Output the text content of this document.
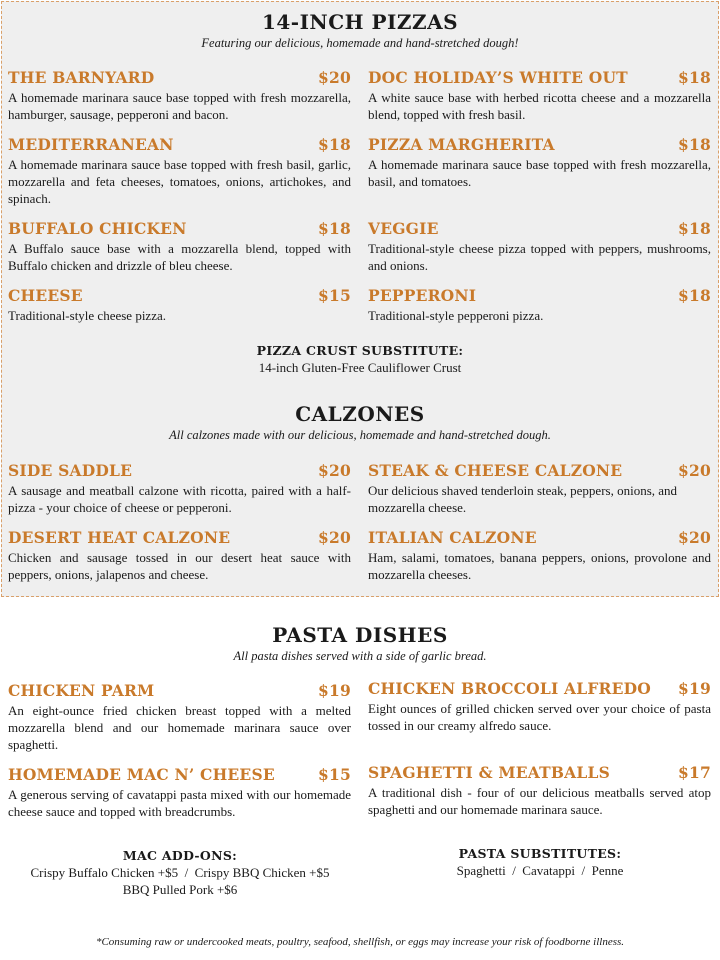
14-INCH PIZZAS
Featuring our delicious, homemade and hand-stretched dough!
THE BARNYARD	$20
A homemade marinara sauce base topped with fresh mozzarella, hamburger, sausage, pepperoni and bacon.
DOC HOLIDAY’S WHITE OUT	$18
A white sauce base with herbed ricotta cheese and a mozzarella blend, topped with fresh basil.
MEDITERRANEAN	$18
A homemade marinara sauce base topped with fresh basil, garlic, mozzarella and feta cheeses, tomatoes, onions, artichokes, and spinach.
PIZZA MARGHERITA	$18
A homemade marinara sauce base topped with fresh mozzarella, basil, and tomatoes.
BUFFALO CHICKEN	$18
A Buffalo sauce base with a mozzarella blend, topped with Buffalo chicken and drizzle of bleu cheese.
VEGGIE	$18
Traditional-style cheese pizza topped with peppers, mushrooms, and onions.
CHEESE	$15
Traditional-style cheese pizza.
PEPPERONI	$18
Traditional-style pepperoni pizza.
PIZZA CRUST SUBSTITUTE:
14-inch Gluten-Free Cauliflower Crust
CALZONES
All calzones made with our delicious, homemade and hand-stretched dough.
SIDE SADDLE	$20
A sausage and meatball calzone with ricotta, paired with a half-pizza - your choice of cheese or pepperoni.
STEAK & CHEESE CALZONE	$20
Our delicious shaved tenderloin steak, peppers, onions, and mozzarella cheese.
DESERT HEAT CALZONE	$20
Chicken and sausage tossed in our desert heat sauce with peppers, onions, jalapenos and cheese.
ITALIAN CALZONE	$20
Ham, salami, tomatoes, banana peppers, onions, provolone and mozzarella cheeses.
PASTA DISHES
All pasta dishes served with a side of garlic bread.
CHICKEN PARM	$19
An eight-ounce fried chicken breast topped with a melted mozzarella blend and our homemade marinara sauce over spaghetti.
CHICKEN BROCCOLI ALFREDO $19
Eight ounces of grilled chicken served over your choice of pasta tossed in our creamy alfredo sauce.
HOMEMADE MAC N’ CHEESE	$15
A generous serving of cavatappi pasta mixed with our homemade cheese sauce and topped with breadcrumbs.
SPAGHETTI & MEATBALLS	$17
A traditional dish - four of our delicious meatballs served atop spaghetti and our homemade marinara sauce.
MAC ADD-ONS:
Crispy Buffalo Chicken +$5  /  Crispy BBQ Chicken +$5
BBQ Pulled Pork +$6
PASTA SUBSTITUTES:
Spaghetti  /  Cavatappi  /  Penne
*Consuming raw or undercooked meats, poultry, seafood, shellfish, or eggs may increase your risk of foodborne illness.
